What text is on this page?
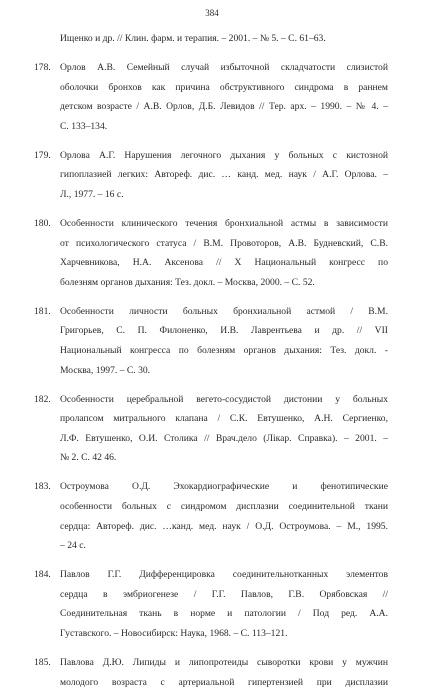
384
Ищенко и др. // Клин. фарм. и терапия. – 2001. – № 5. – С. 61–63.
178. Орлов А.В. Семейный случай избыточной складчатости слизистой
оболочки бронхов как причина обструктивного синдрома в раннем
детском возрасте / А.В. Орлов, Д.Б. Левидов // Тер. арх. – 1990. – № 4. –
С. 133–134.
179. Орлова А.Г. Нарушения легочного дыхания у больных с кистозной
гипоплазией легких: Автореф. дис. … канд. мед. наук / А.Г. Орлова. –
Л., 1977. – 16 с.
180. Особенности клинического течения бронхиальной астмы в зависимости
от психологического статуса / В.М. Провоторов, А.В. Будневский, С.В.
Харчевникова, Н.А. Аксенова // X Национальный конгресс по
болезням органов дыхания: Тез. докл. – Москва, 2000. – С. 52.
181. Особенности личности больных бронхиальной астмой / В.М.
Григорьев, С. П. Филоненко, И.В. Лаврентьева и др. // VII
Национальный конгресса по болезням органов дыхания: Тез. докл. -
Москва, 1997. – С. 30.
182. Особенности церебральной вегето-сосудистой дистонии у больных
пролапсом митрального клапана / С.К. Евтушенко, А.Н. Сергиенко,
Л.Ф. Евтушенко, О.И. Столика // Врач.дело (Лікар. Справка). – 2001. –
№ 2. С. 42 46.
183. Остроумова О.Д. Эхокардиографические и фенотипические
особенности больных с синдромом дисплазии соединительной ткани
сердца: Автореф. дис. …канд. мед. наук / О.Д. Остроумова. – М., 1995.
– 24 с.
184. Павлов Г.Г. Дифференцировка соединительнотканных элементов
сердца в эмбриогенезе / Г.Г. Павлов, Г.В. Орябовская //
Соединительная ткань в норме и патологии / Под ред. А.А.
Густавского. – Новосибирск: Наука, 1968. – С. 113–121.
185. Павлова Д.Ю. Липиды и липопротеиды сыворотки крови у мужчин
молодого возраста с артериальной гипертензией при дисплазии
